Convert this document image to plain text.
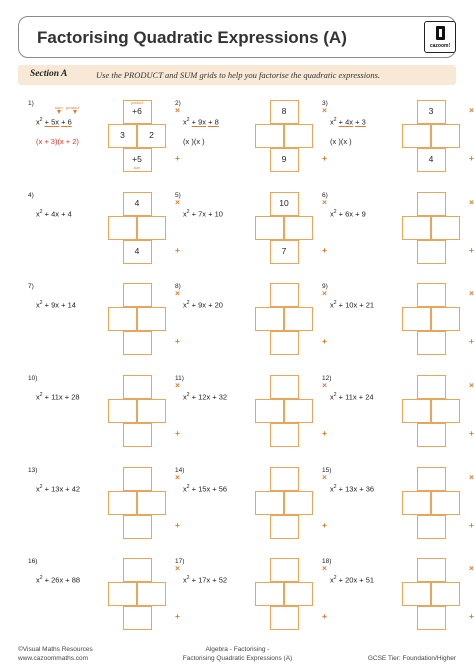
Factorising Quadratic Expressions (A)	cazoom!
Section A	Use the PRODUCT and SUM grids to help you factorise the quadratic expressions.
1)
sum product
$x^2 + 5x + 6$
(x + 3)(x + 2)
+6
3	2
+5
product
sum
×
+
2)
$x^2 + 9x + 8$
(x )(x )
8
9
×
+
3)
$x^2 + 4x + 3$
(x )(x )
3
4
×
+
4)
$x^2 + 4x + 4$
4
4
×
+
5)
$x^2 + 7x + 10$
10
7
×
+
6)
$x^2 + 6x + 9$
×
+
7)
$x^2 + 9x + 14$
×
+
8)
$x^2 + 9x + 20$
×
+
9)
$x^2 + 10x + 21$
×
+
10)
$x^2 + 11x + 28$
×
+
11)
$x^2 + 12x + 32$
×
+
12)
$x^2 + 11x + 24$
×
+
13)
$x^2 + 13x + 42$
×
+
14)
$x^2 + 15x + 56$
×
+
15)
$x^2 + 13x + 36$
×
+
16)
$x^2 + 26x + 88$
×
+
17)
$x^2 + 17x + 52$
×
+
18)
$x^2 + 20x + 51$
×
+
©Visual Maths Resources
www.cazoommaths.com
Algebra - Factorising -
Factorising Quadratic Expressions (A)	GCSE Tier: Foundation/Higher
